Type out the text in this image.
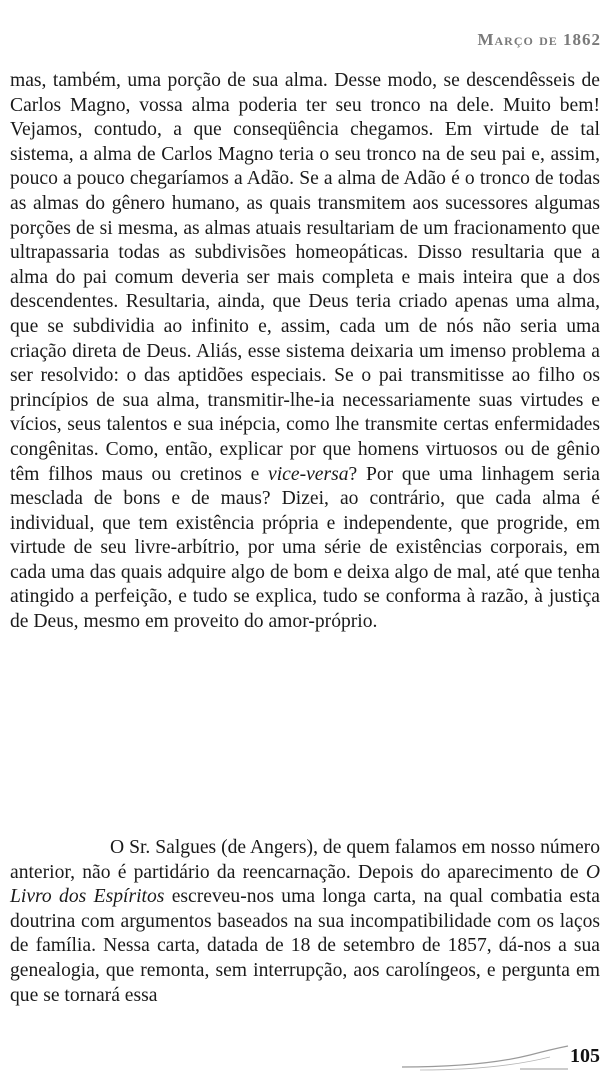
Março de 1862

mas, também, uma porção de sua alma. Desse modo, se descendêsseis de Carlos Magno, vossa alma poderia ter seu tronco na dele. Muito bem! Vejamos, contudo, a que conseqüência chegamos. Em virtude de tal sistema, a alma de Carlos Magno teria o seu tronco na de seu pai e, assim, pouco a pouco chegaríamos a Adão. Se a alma de Adão é o tronco de todas as almas do gênero humano, as quais transmitem aos sucessores algumas porções de si mesma, as almas atuais resultariam de um fracionamento que ultrapassaria todas as subdivisões homeopáticas. Disso resultaria que a alma do pai comum deveria ser mais completa e mais inteira que a dos descendentes. Resultaria, ainda, que Deus teria criado apenas uma alma, que se subdividia ao infinito e, assim, cada um de nós não seria uma criação direta de Deus. Aliás, esse sistema deixaria um imenso problema a ser resolvido: o das aptidões especiais. Se o pai transmitisse ao filho os princípios de sua alma, transmitir-lhe-ia necessariamente suas virtudes e vícios, seus talentos e sua inépcia, como lhe transmite certas enfermidades congênitas. Como, então, explicar por que homens virtuosos ou de gênio têm filhos maus ou cretinos e vice-versa? Por que uma linhagem seria mesclada de bons e de maus? Dizei, ao contrário, que cada alma é individual, que tem existência própria e independente, que progride, em virtude de seu livre-arbítrio, por uma série de existências corporais, em cada uma das quais adquire algo de bom e deixa algo de mal, até que tenha atingido a perfeição, e tudo se explica, tudo se conforma à razão, à justiça de Deus, mesmo em proveito do amor-próprio.

O Sr. Salgues (de Angers), de quem falamos em nosso número anterior, não é partidário da reencarnação. Depois do aparecimento de O Livro dos Espíritos escreveu-nos uma longa carta, na qual combatia esta doutrina com argumentos baseados na sua incompatibilidade com os laços de família. Nessa carta, datada de 18 de setembro de 1857, dá-nos a sua genealogia, que remonta, sem interrupção, aos carolíngeos, e pergunta em que se tornará essa

105
